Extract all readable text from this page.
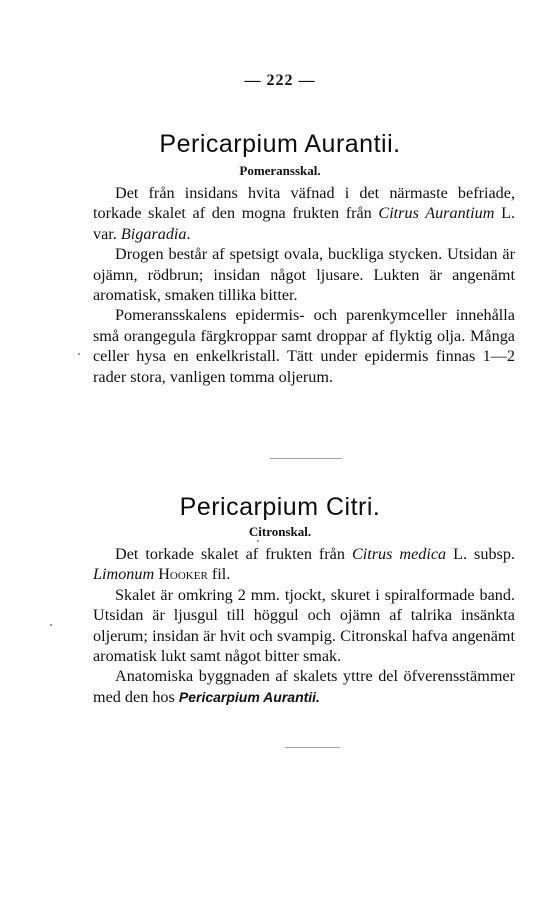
— 222 —
Pericarpium Aurantii.
Pomeransskal.

Det från insidans hvita väfnad i det närmaste befriade, torkade skalet af den mogna frukten från Citrus Aurantium L. var. Bigaradia.

Drogen består af spetsigt ovala, buckliga stycken. Utsidan är ojämn, rödbrun; insidan något ljusare. Lukten är angenämt aromatisk, smaken tillika bitter.

Pomeransskalens epidermis- och parenkymceller innehålla små orangegula färgkroppar samt droppar af flyktig olja. Många celler hysa en enkelkristall. Tätt under epidermis finnas 1—2 rader stora, vanligen tomma oljerum.

Pericarpium Citri.
Citronskal.

Det torkade skalet af frukten från Citrus medica L. subsp. Limonum Hooker fil.

Skalet är omkring 2 mm. tjockt, skuret i spiralformade band. Utsidan är ljusgul till höggul och ojämn af talrika insänkta oljerum; insidan är hvit och svampig. Citronskal hafva angenämt aromatisk lukt samt något bitter smak.

Anatomiska byggnaden af skalets yttre del öfverensstämmer med den hos Pericarpium Aurantii.
